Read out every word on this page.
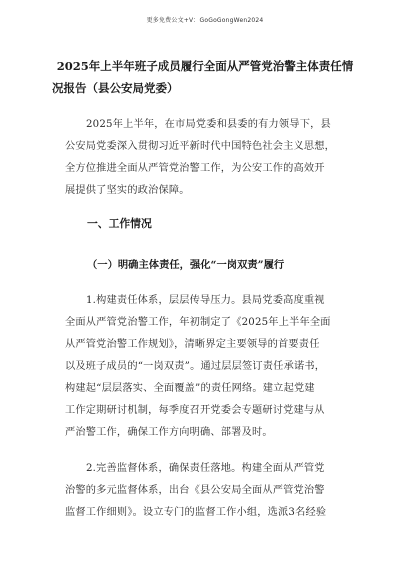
更多免费公文+V：GoGoGongWen2024
2025年上半年班子成员履行全面从严管党治警主体责任情
况报告（县公安局党委）
2025年上半年，在市局党委和县委的有力领导下，县
公安局党委深入贯彻习近平新时代中国特色社会主义思想，
全方位推进全面从严管党治警工作，为公安工作的高效开
展提供了坚实的政治保障。
一、工作情况
（一）明确主体责任，强化“一岗双责”履行
1.构建责任体系，层层传导压力。县局党委高度重视
全面从严管党治警工作，年初制定了《2025年上半年全面
从严管党治警工作规划》，清晰界定主要领导的首要责任
以及班子成员的“一岗双责”。通过层层签订责任承诺书，
构建起“层层落实、全面覆盖”的责任网络。建立起党建
工作定期研讨机制，每季度召开党委会专题研讨党建与从
严治警工作，确保工作方向明确、部署及时。
2.完善监督体系，确保责任落地。构建全面从严管党
治警的多元监督体系，出台《县公安局全面从严管党治警
监督工作细则》。设立专门的监督工作小组，选派3名经验
